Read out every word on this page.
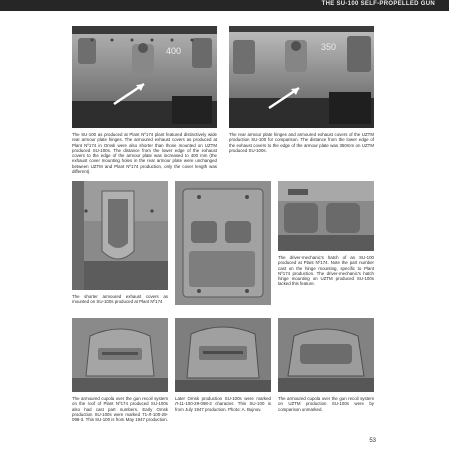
THE SU-100 SELF-PROPELLED GUN
400	350

The SU-100 as produced at Plant Nº174 plant featured distinctively wide rear armour plate hinges. The armoured exhaust covers as produced at Plant Nº174 in Omsk were also shorter than those mounted on UZTM produced SU-100s. The distance from the lower edge of the exhaust covers to the edge of the armour plate was increased to 400 mm (the exhaust cover mounting holes in the rear armour plate were unchanged between UZTM and Plant Nº174 production, only the cover length was different).

The rear armour plate hinges and armoured exhaust covers of the UZTM production SU-100 for comparison. The distance from the lower edge of the exhaust covers to the edge of the armour plate was 350mm on UZTM produced SU-100s.

The shorter armoured exhaust covers as mounted on SU-100s produced at Plant Nº174

The driver-mechanic's hatch of an SU-100 produced at Plant Nº174. Note the part number cast on the hinge mounting, specific to Plant Nº174 production. The driver-mechanic's hatch hinge mounting on UZTM produced SU-100s lacked this feature.

The armoured cupola over the gun recoil system on the roof of Plant Nº174 produced SU-100s also had cast part numbers. Early Omsk production SU-100s were marked 71-Л-100-29-098-3. This SU-100 is from May 1947 production.

Later Omsk production SU-100s were marked Л-11-100-29-098-3 character. This SU-100 is from July 1947 production. Photo: A. Bujnov.

The armoured cupola over the gun recoil system on UZTM production SU-100s were by comparison unmarked.

53
